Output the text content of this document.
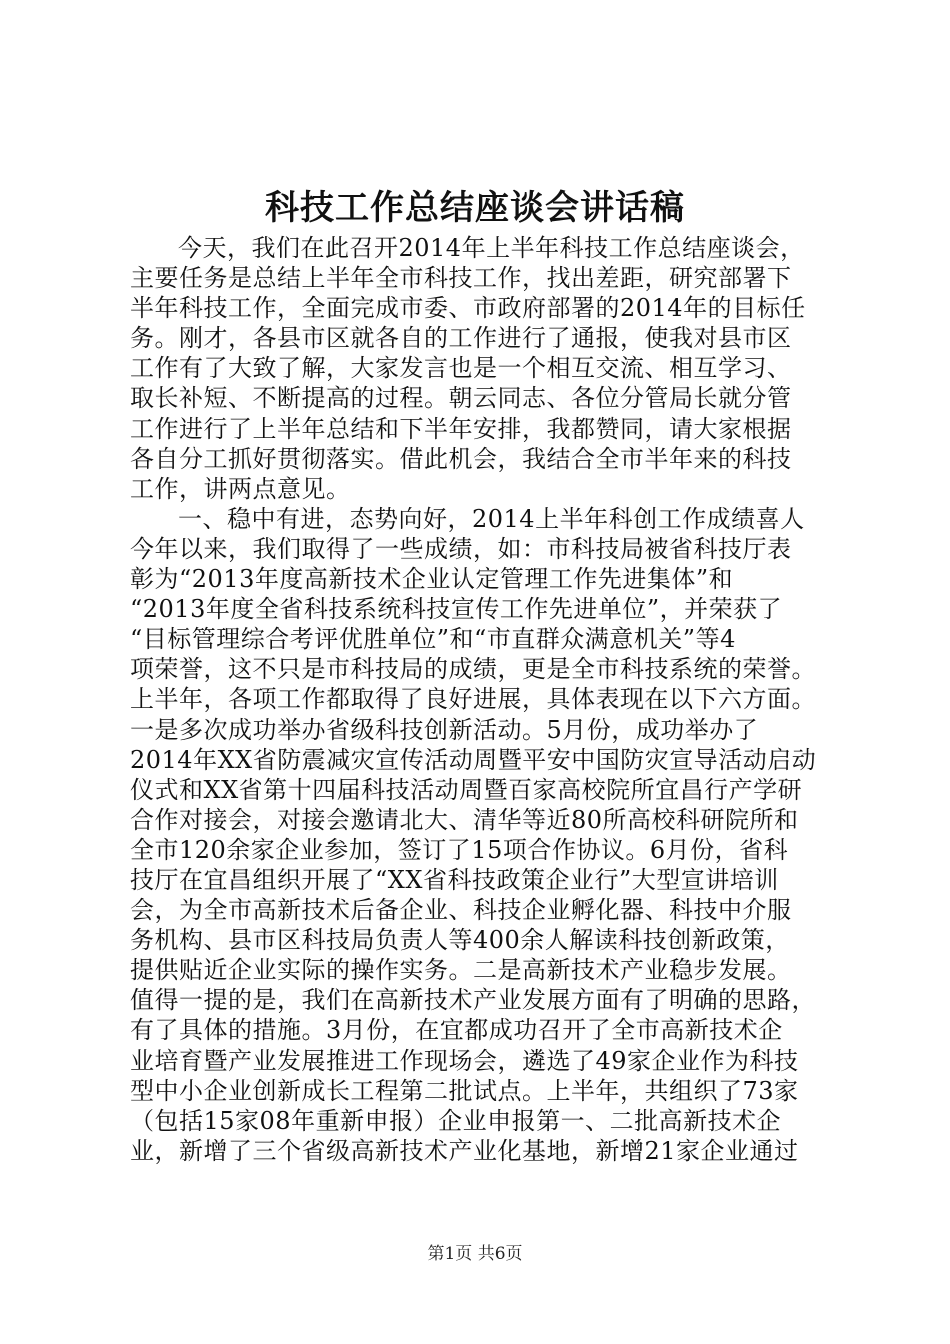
科技工作总结座谈会讲话稿
今天，我们在此召开2014年上半年科技工作总结座谈会，
主要任务是总结上半年全市科技工作，找出差距，研究部署下
半年科技工作，全面完成市委、市政府部署的2014年的目标任
务。刚才，各县市区就各自的工作进行了通报，使我对县市区
工作有了大致了解，大家发言也是一个相互交流、相互学习、
取长补短、不断提高的过程。朝云同志、各位分管局长就分管
工作进行了上半年总结和下半年安排，我都赞同，请大家根据
各自分工抓好贯彻落实。借此机会，我结合全市半年来的科技
工作，讲两点意见。
一、稳中有进，态势向好，2014上半年科创工作成绩喜人
今年以来，我们取得了一些成绩，如：市科技局被省科技厅表
彰为“2013年度高新技术企业认定管理工作先进集体”和
“2013年度全省科技系统科技宣传工作先进单位”，并荣获了
“目标管理综合考评优胜单位”和“市直群众满意机关”等4
项荣誉，这不只是市科技局的成绩，更是全市科技系统的荣誉。
上半年，各项工作都取得了良好进展，具体表现在以下六方面。
一是多次成功举办省级科技创新活动。5月份，成功举办了
2014年XX省防震减灾宣传活动周暨平安中国防灾宣导活动启动
仪式和XX省第十四届科技活动周暨百家高校院所宜昌行产学研
合作对接会，对接会邀请北大、清华等近80所高校科研院所和
全市120余家企业参加，签订了15项合作协议。6月份，省科
技厅在宜昌组织开展了“XX省科技政策企业行”大型宣讲培训
会，为全市高新技术后备企业、科技企业孵化器、科技中介服
务机构、县市区科技局负责人等400余人解读科技创新政策，
提供贴近企业实际的操作实务。二是高新技术产业稳步发展。
值得一提的是，我们在高新技术产业发展方面有了明确的思路，
有了具体的措施。3月份，在宜都成功召开了全市高新技术企
业培育暨产业发展推进工作现场会，遴选了49家企业作为科技
型中小企业创新成长工程第二批试点。上半年，共组织了73家
（包括15家08年重新申报）企业申报第一、二批高新技术企
业，新增了三个省级高新技术产业化基地，新增21家企业通过
第1页 共6页
